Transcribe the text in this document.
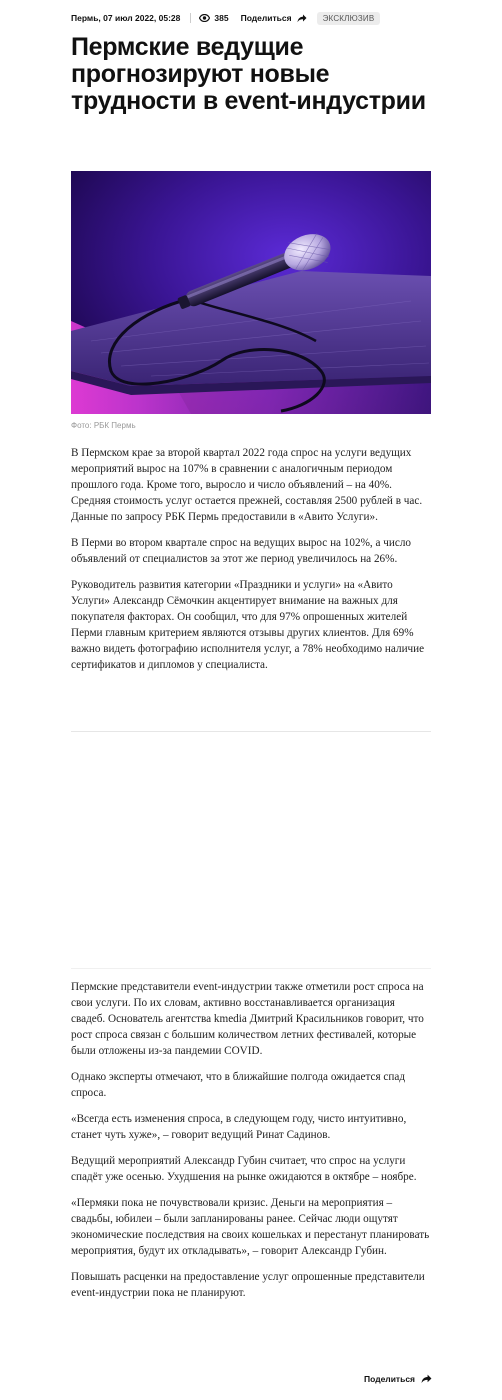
Пермь, 07 июл 2022, 05:28	385 Поделиться	ЭКСКЛЮЗИВ
Пермские ведущие прогнозируют новые трудности в event-индустрии
Фото: РБК Пермь

В Пермском крае за второй квартал 2022 года спрос на услуги ведущих мероприятий вырос на 107% в сравнении с аналогичным периодом прошлого года. Кроме того, выросло и число объявлений – на 40%. Средняя стоимость услуг остается прежней, составляя 2500 рублей в час. Данные по запросу РБК Пермь предоставили в «Авито Услуги».

В Перми во втором квартале спрос на ведущих вырос на 102%, а число объявлений от специалистов за этот же период увеличилось на 26%.

Руководитель развития категории «Праздники и услуги» на «Авито Услуги» Александр Сёмочкин акцентирует внимание на важных для покупателя факторах. Он сообщил, что для 97% опрошенных жителей Перми главным критерием являются отзывы других клиентов. Для 69% важно видеть фотографию исполнителя услуг, а 78% необходимо наличие сертификатов и дипломов у специалиста.

Пермские представители event-индустрии также отметили рост спроса на свои услуги. По их словам, активно восстанавливается организация свадеб. Основатель агентства kmedia Дмитрий Красильников говорит, что рост спроса связан с большим количеством летних фестивалей, которые были отложены из-за пандемии COVID.

Однако эксперты отмечают, что в ближайшие полгода ожидается спад спроса.

«Всегда есть изменения спроса, в следующем году, чисто интуитивно, станет чуть хуже», – говорит ведущий Ринат Садинов.

Ведущий мероприятий Александр Губин считает, что спрос на услуги спадёт уже осенью. Ухудшения на рынке ожидаются в октябре – ноябре.

«Пермяки пока не почувствовали кризис. Деньги на мероприятия – свадьбы, юбилеи – были запланированы ранее. Сейчас люди ощутят экономические последствия на своих кошельках и перестанут планировать мероприятия, будут их откладывать», – говорит Александр Губин.

Повышать расценки на предоставление услуг опрошенные представители event-индустрии пока не планируют.

Поделиться
